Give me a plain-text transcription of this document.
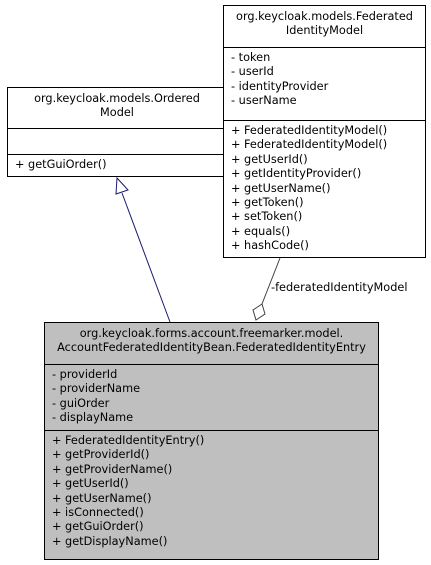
-federatedIdentityModel
org.keycloak.models.Ordered
Model
+ getGuiOrder()
org.keycloak.models.Federated
IdentityModel
- token
- userId
- identityProvider
- userName
+ FederatedIdentityModel()
+ FederatedIdentityModel()
+ getUserId()
+ getIdentityProvider()
+ getUserName()
+ getToken()
+ setToken()
+ equals()
+ hashCode()
org.keycloak.forms.account.freemarker.model.
AccountFederatedIdentityBean.FederatedIdentityEntry
- providerId
- providerName
- guiOrder
- displayName
+ FederatedIdentityEntry()
+ getProviderId()
+ getProviderName()
+ getUserId()
+ getUserName()
+ isConnected()
+ getGuiOrder()
+ getDisplayName()
